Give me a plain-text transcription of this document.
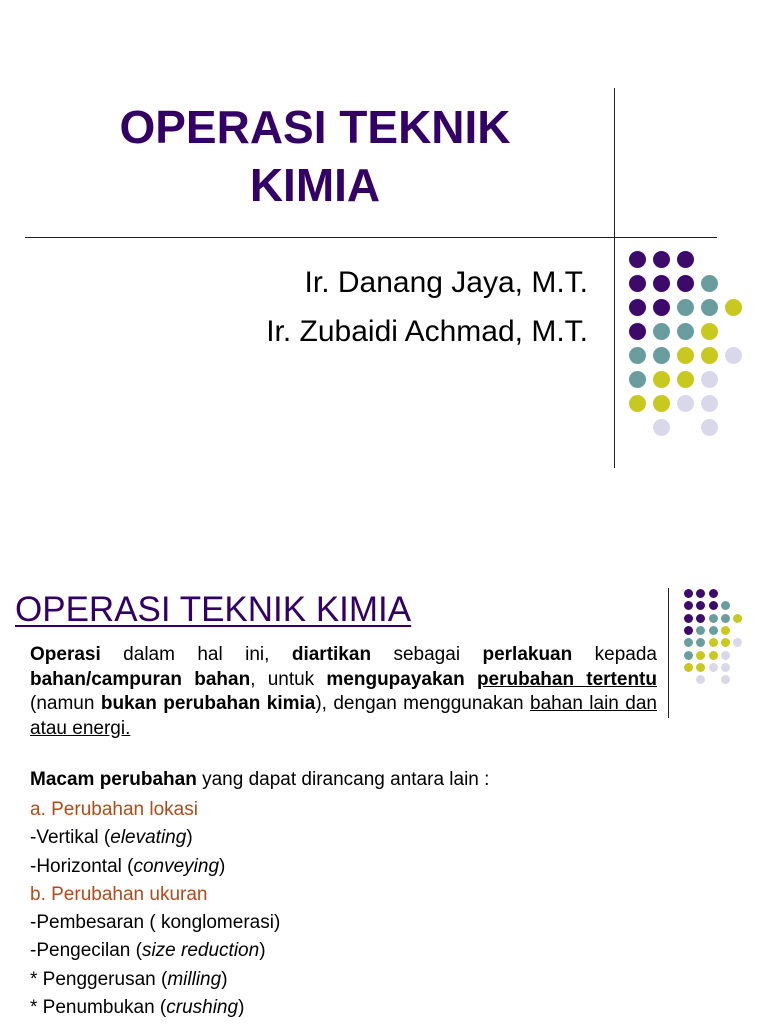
OPERASI TEKNIK
KIMIA
Ir. Danang Jaya, M.T.
Ir. Zubaidi Achmad, M.T.
OPERASI TEKNIK KIMIA
Operasi dalam hal ini, diartikan sebagai perlakuan kepada bahan/campuran bahan, untuk mengupayakan perubahan tertentu (namun bukan perubahan kimia), dengan menggunakan bahan lain dan atau energi.
Macam perubahan yang dapat dirancang antara lain :
a. Perubahan lokasi
-Vertikal (elevating)
-Horizontal (conveying)
b. Perubahan ukuran
-Pembesaran ( konglomerasi)
-Pengecilan (size reduction)
* Penggerusan (milling)
* Penumbukan (crushing)
